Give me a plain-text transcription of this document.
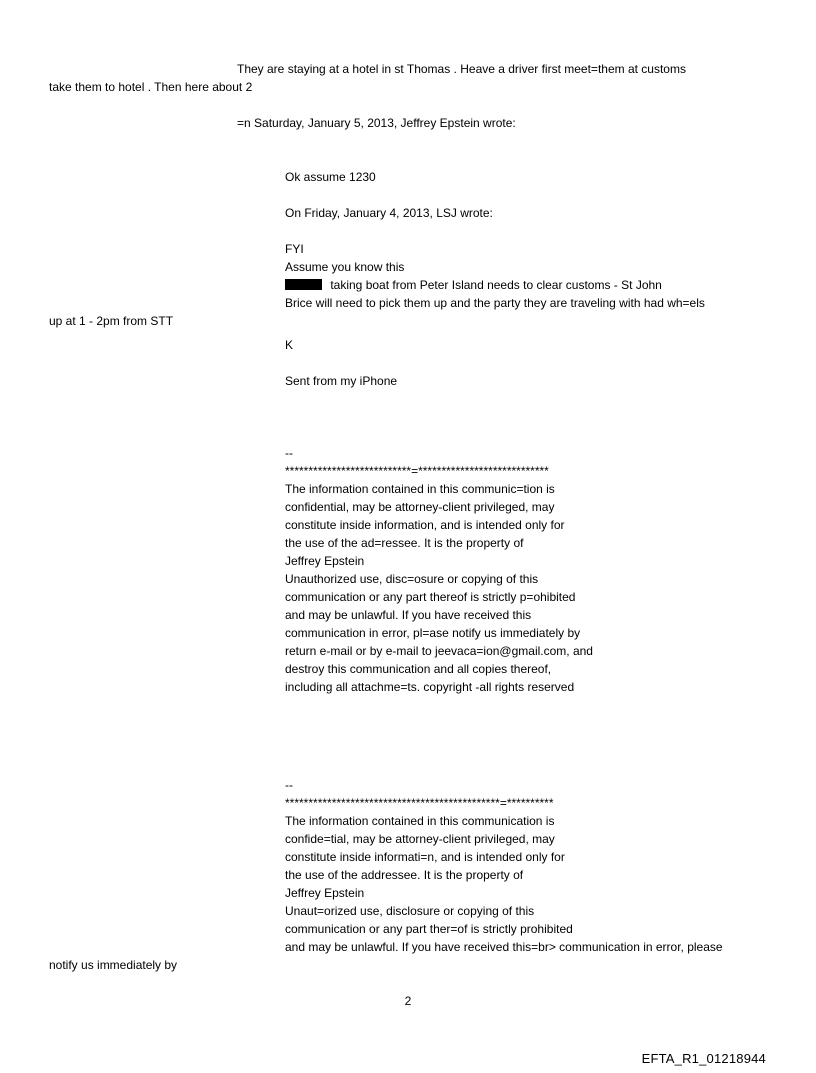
They are staying at a hotel in st Thomas . Heave a driver first meet=them at customs
take them to hotel . Then here about 2
=n Saturday, January 5, 2013, Jeffrey Epstein wrote:
Ok assume 1230
On Friday, January 4, 2013, LSJ wrote:
FYI
Assume you know this
taking boat from Peter Island needs to clear customs - St John
Brice will need to pick them up and the party they are traveling with had wh=els
up at 1 - 2pm from STT
K
Sent from my iPhone
--
***************************=****************************
The information contained in this communic=tion is
confidential, may be attorney-client privileged, may
constitute inside information, and is intended only for
the use of the ad=ressee. It is the property of
Jeffrey Epstein
Unauthorized use, disc=osure or copying of this
communication or any part thereof is strictly p=ohibited
and may be unlawful. If you have received this
communication in error, pl=ase notify us immediately by
return e-mail or by e-mail to jeevaca=ion@gmail.com, and
destroy this communication and all copies thereof,
including all attachme=ts. copyright -all rights reserved
--
**********************************************=**********
The information contained in this communication is
confide=tial, may be attorney-client privileged, may
constitute inside informati=n, and is intended only for
the use of the addressee. It is the property of
Jeffrey Epstein
Unaut=orized use, disclosure or copying of this
communication or any part ther=of is strictly prohibited
and may be unlawful. If you have received this=br> communication in error, please
notify us immediately by
2
EFTA_R1_01218944
